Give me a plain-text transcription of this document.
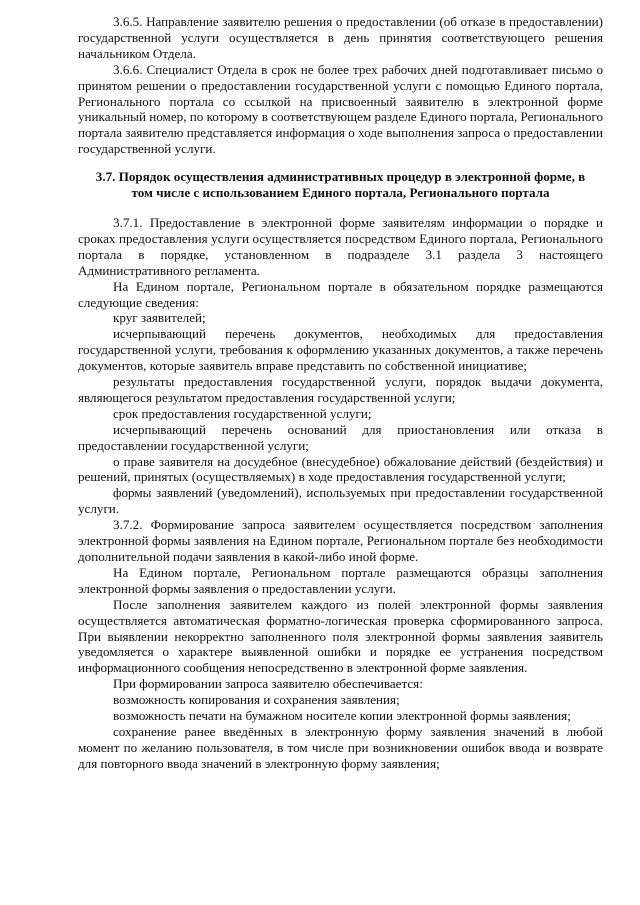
3.6.5. Направление заявителю решения о предоставлении (об отказе в предоставлении) государственной услуги осуществляется в день принятия соответствующего решения начальником Отдела.

3.6.6. Специалист Отдела в срок не более трех рабочих дней подготавливает письмо о принятом решении о предоставлении государственной услуги с помощью Единого портала, Регионального портала со ссылкой на присвоенный заявителю в электронной форме уникальный номер, по которому в соответствующем разделе Единого портала, Регионального портала заявителю представляется информация о ходе выполнения запроса о предоставлении государственной услуги.

3.7. Порядок осуществления административных процедур в электронной форме, в том числе с использованием Единого портала, Регионального портала

3.7.1. Предоставление в электронной форме заявителям информации о порядке и сроках предоставления услуги осуществляется посредством Единого портала, Регионального портала в порядке, установленном в подразделе 3.1 раздела 3 настоящего Административного регламента.

На Едином портале, Региональном портале в обязательном порядке размещаются следующие сведения:

круг заявителей;

исчерпывающий перечень документов, необходимых для предоставления государственной услуги, требования к оформлению указанных документов, а также перечень документов, которые заявитель вправе представить по собственной инициативе;

результаты предоставления государственной услуги, порядок выдачи документа, являющегося результатом предоставления государственной услуги;

срок предоставления государственной услуги;

исчерпывающий перечень оснований для приостановления или отказа в предоставлении государственной услуги;

о праве заявителя на досудебное (внесудебное) обжалование действий (бездействия) и решений, принятых (осуществляемых) в ходе предоставления государственной услуги;

формы заявлений (уведомлений), используемых при предоставлении государственной услуги.

3.7.2. Формирование запроса заявителем осуществляется посредством заполнения электронной формы заявления на Едином портале, Региональном портале без необходимости дополнительной подачи заявления в какой-либо иной форме.

На Едином портале, Региональном портале размещаются образцы заполнения электронной формы заявления о предоставлении услуги.

После заполнения заявителем каждого из полей электронной формы заявления осуществляется автоматическая форматно-логическая проверка сформированного запроса. При выявлении некорректно заполненного поля электронной формы заявления заявитель уведомляется о характере выявленной ошибки и порядке ее устранения посредством информационного сообщения непосредственно в электронной форме заявления.

При формировании запроса заявителю обеспечивается:

возможность копирования и сохранения заявления;

возможность печати на бумажном носителе копии электронной формы заявления;

сохранение ранее введённых в электронную форму заявления значений в любой момент по желанию пользователя, в том числе при возникновении ошибок ввода и возврате для повторного ввода значений в электронную форму заявления;
